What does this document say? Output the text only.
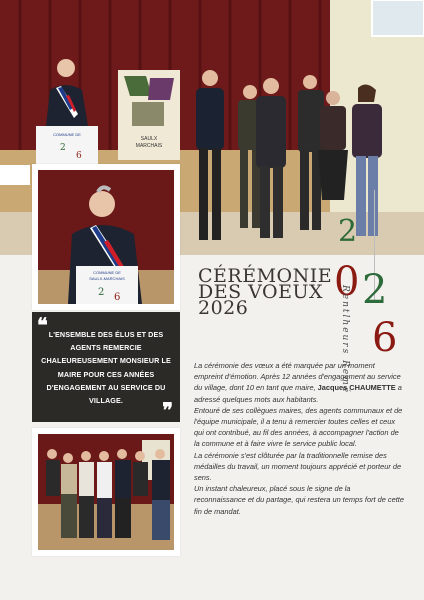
COMMUNE DE
2
6
SAULX
MARCHAIS
COMMUNE DE
SAULX-MARCHAIS
2 6
❝ L'ENSEMBLE DES ÉLUS ET DES AGENTS REMERCIE CHALEUREUSEMENT MONSIEUR LE MAIRE POUR CES ANNÉES D'ENGAGEMENT AU SERVICE DU VILLAGE.	❞
CÉRÉMONIE
DES VOEUX
2026
2
0 2
6
Rentlheurs Remé

La cérémonie des vœux a été marquée par un moment empreint d'émotion. Après 12 années d'engagement au service du village, dont 10 en tant que maire, Jacques CHAUMETTE a adressé quelques mots aux habitants.

Entouré de ses collègues maires, des agents communaux et de l'équipe municipale, il a tenu à remercier toutes celles et ceux qui ont contribué, au fil des années, à accompagner l'action de la commune et à faire vivre le service public local.

La cérémonie s'est clôturée par la traditionnelle remise des médailles du travail, un moment toujours apprécié et porteur de sens.

Un instant chaleureux, placé sous le signe de la reconnaissance et du partage, qui restera un temps fort de cette fin de mandat.
